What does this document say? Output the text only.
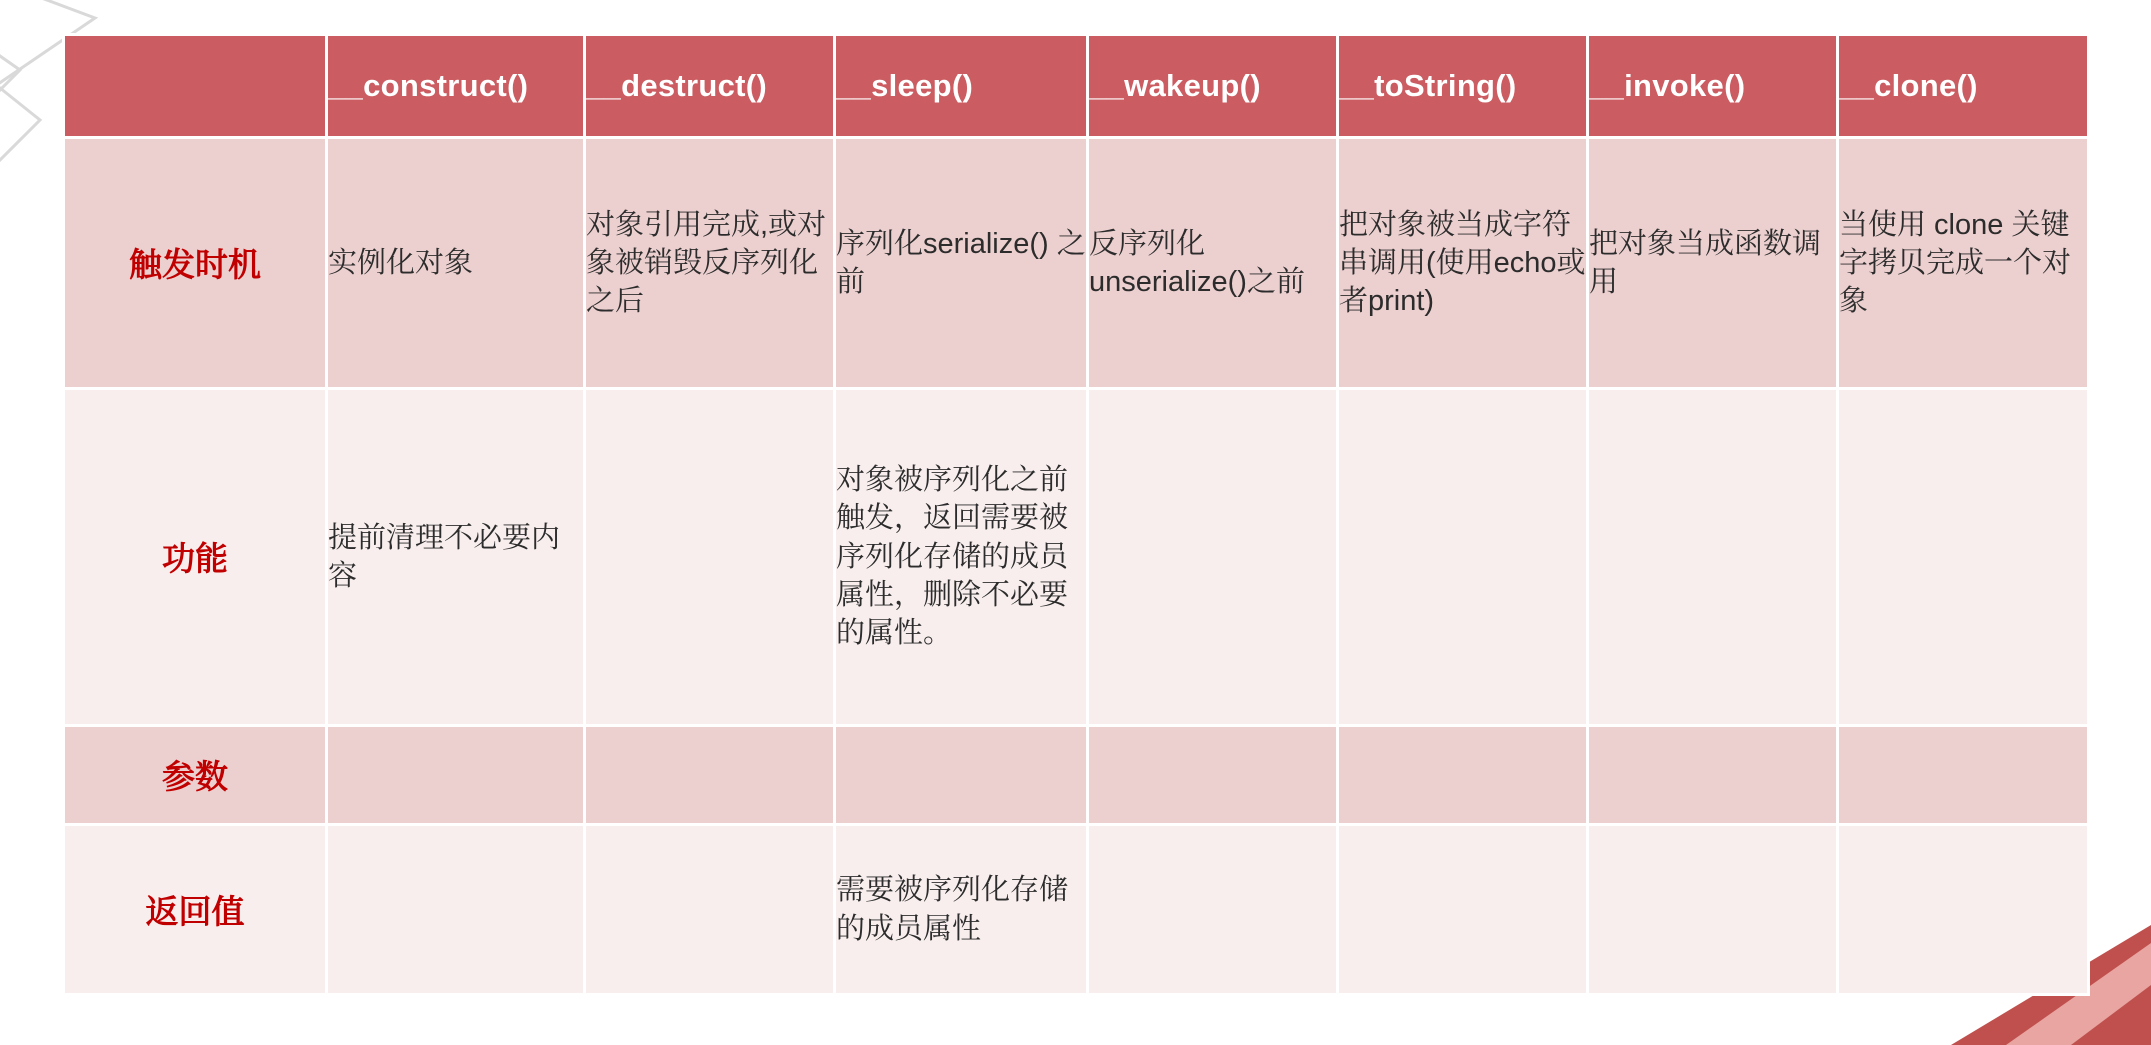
	__construct()	__destruct()	__sleep()	__wakeup()	__toString()	__invoke()	__clone()
触发时机	实例化对象	对象引用完成,或对象被销毁反序列化之后	序列化serialize() 之前	反序列化unserialize()之前	把对象被当成字符串调用(使用echo或者print)	把对象当成函数调用	当使用 clone 关键字拷贝完成一个对象

功能	提前清理不必要内容		对象被序列化之前触发，返回需要被序列化存储的成员属性，删除不必要的属性。				

参数	

返回值			需要被序列化存储的成员属性				
